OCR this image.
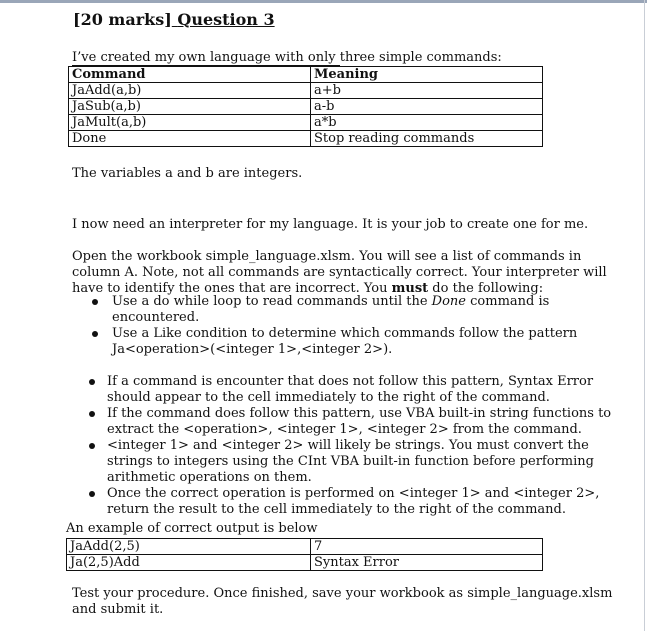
[20 marks] Question 3
I’ve created my own language with only three simple commands:
Command	Meaning
JaAdd(a,b)	a+b
JaSub(a,b)	a-b
JaMult(a,b)	a*b
Done	Stop reading commands
The variables a and b are integers.
I now need an interpreter for my language. It is your job to create one for me.
Open the workbook simple_language.xlsm. You will see a list of commands in
column A. Note, not all commands are syntactically correct. Your interpreter will
have to identify the ones that are incorrect. You must do the following:
Use a do while loop to read commands until the Done command is
encountered.
Use a Like condition to determine which commands follow the pattern
Ja<operation>(<integer 1>,<integer 2>).
If a command is encounter that does not follow this pattern, Syntax Error
should appear to the cell immediately to the right of the command.
If the command does follow this pattern, use VBA built-in string functions to
extract the <operation>, <integer 1>, <integer 2> from the command.
<integer 1> and <integer 2> will likely be strings. You must convert the
strings to integers using the CInt VBA built-in function before performing
arithmetic operations on them.
Once the correct operation is performed on <integer 1> and <integer 2>,
return the result to the cell immediately to the right of the command.
An example of correct output is below
JaAdd(2,5)	7
Ja(2,5)Add	Syntax Error
Test your procedure. Once finished, save your workbook as simple_language.xlsm
and submit it.
